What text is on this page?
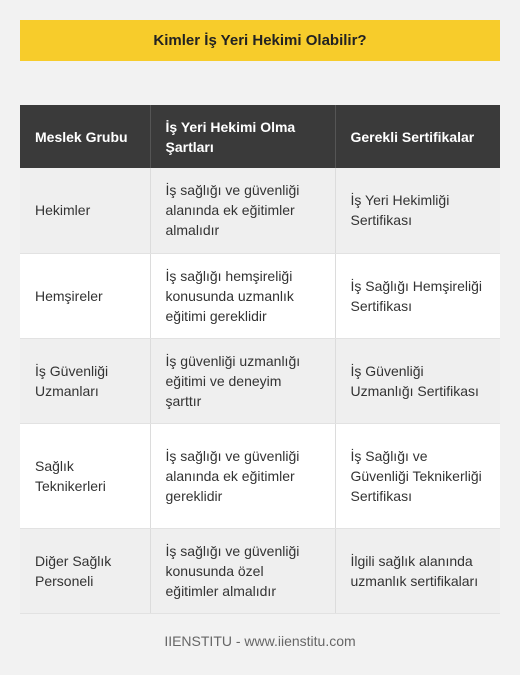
Kimler İş Yeri Hekimi Olabilir?
Meslek Grubu	İş Yeri Hekimi Olma Şartları	Gerekli Sertifikalar
Hekimler	İş sağlığı ve güvenliği alanında ek eğitimler almalıdır	İş Yeri Hekimliği Sertifikası
Hemşireler	İş sağlığı hemşireliği konusunda uzmanlık eğitimi gereklidir	İş Sağlığı Hemşireliği Sertifikası
İş Güvenliği Uzmanları	İş güvenliği uzmanlığı eğitimi ve deneyim şarttır	İş Güvenliği Uzmanlığı Sertifikası
Sağlık Teknikerleri	İş sağlığı ve güvenliği alanında ek eğitimler gereklidir	İş Sağlığı ve Güvenliği Teknikerliği Sertifikası
Diğer Sağlık Personeli	İş sağlığı ve güvenliği konusunda özel eğitimler almalıdır	İlgili sağlık alanında uzmanlık sertifikaları
IIENSTITU - www.iienstitu.com
